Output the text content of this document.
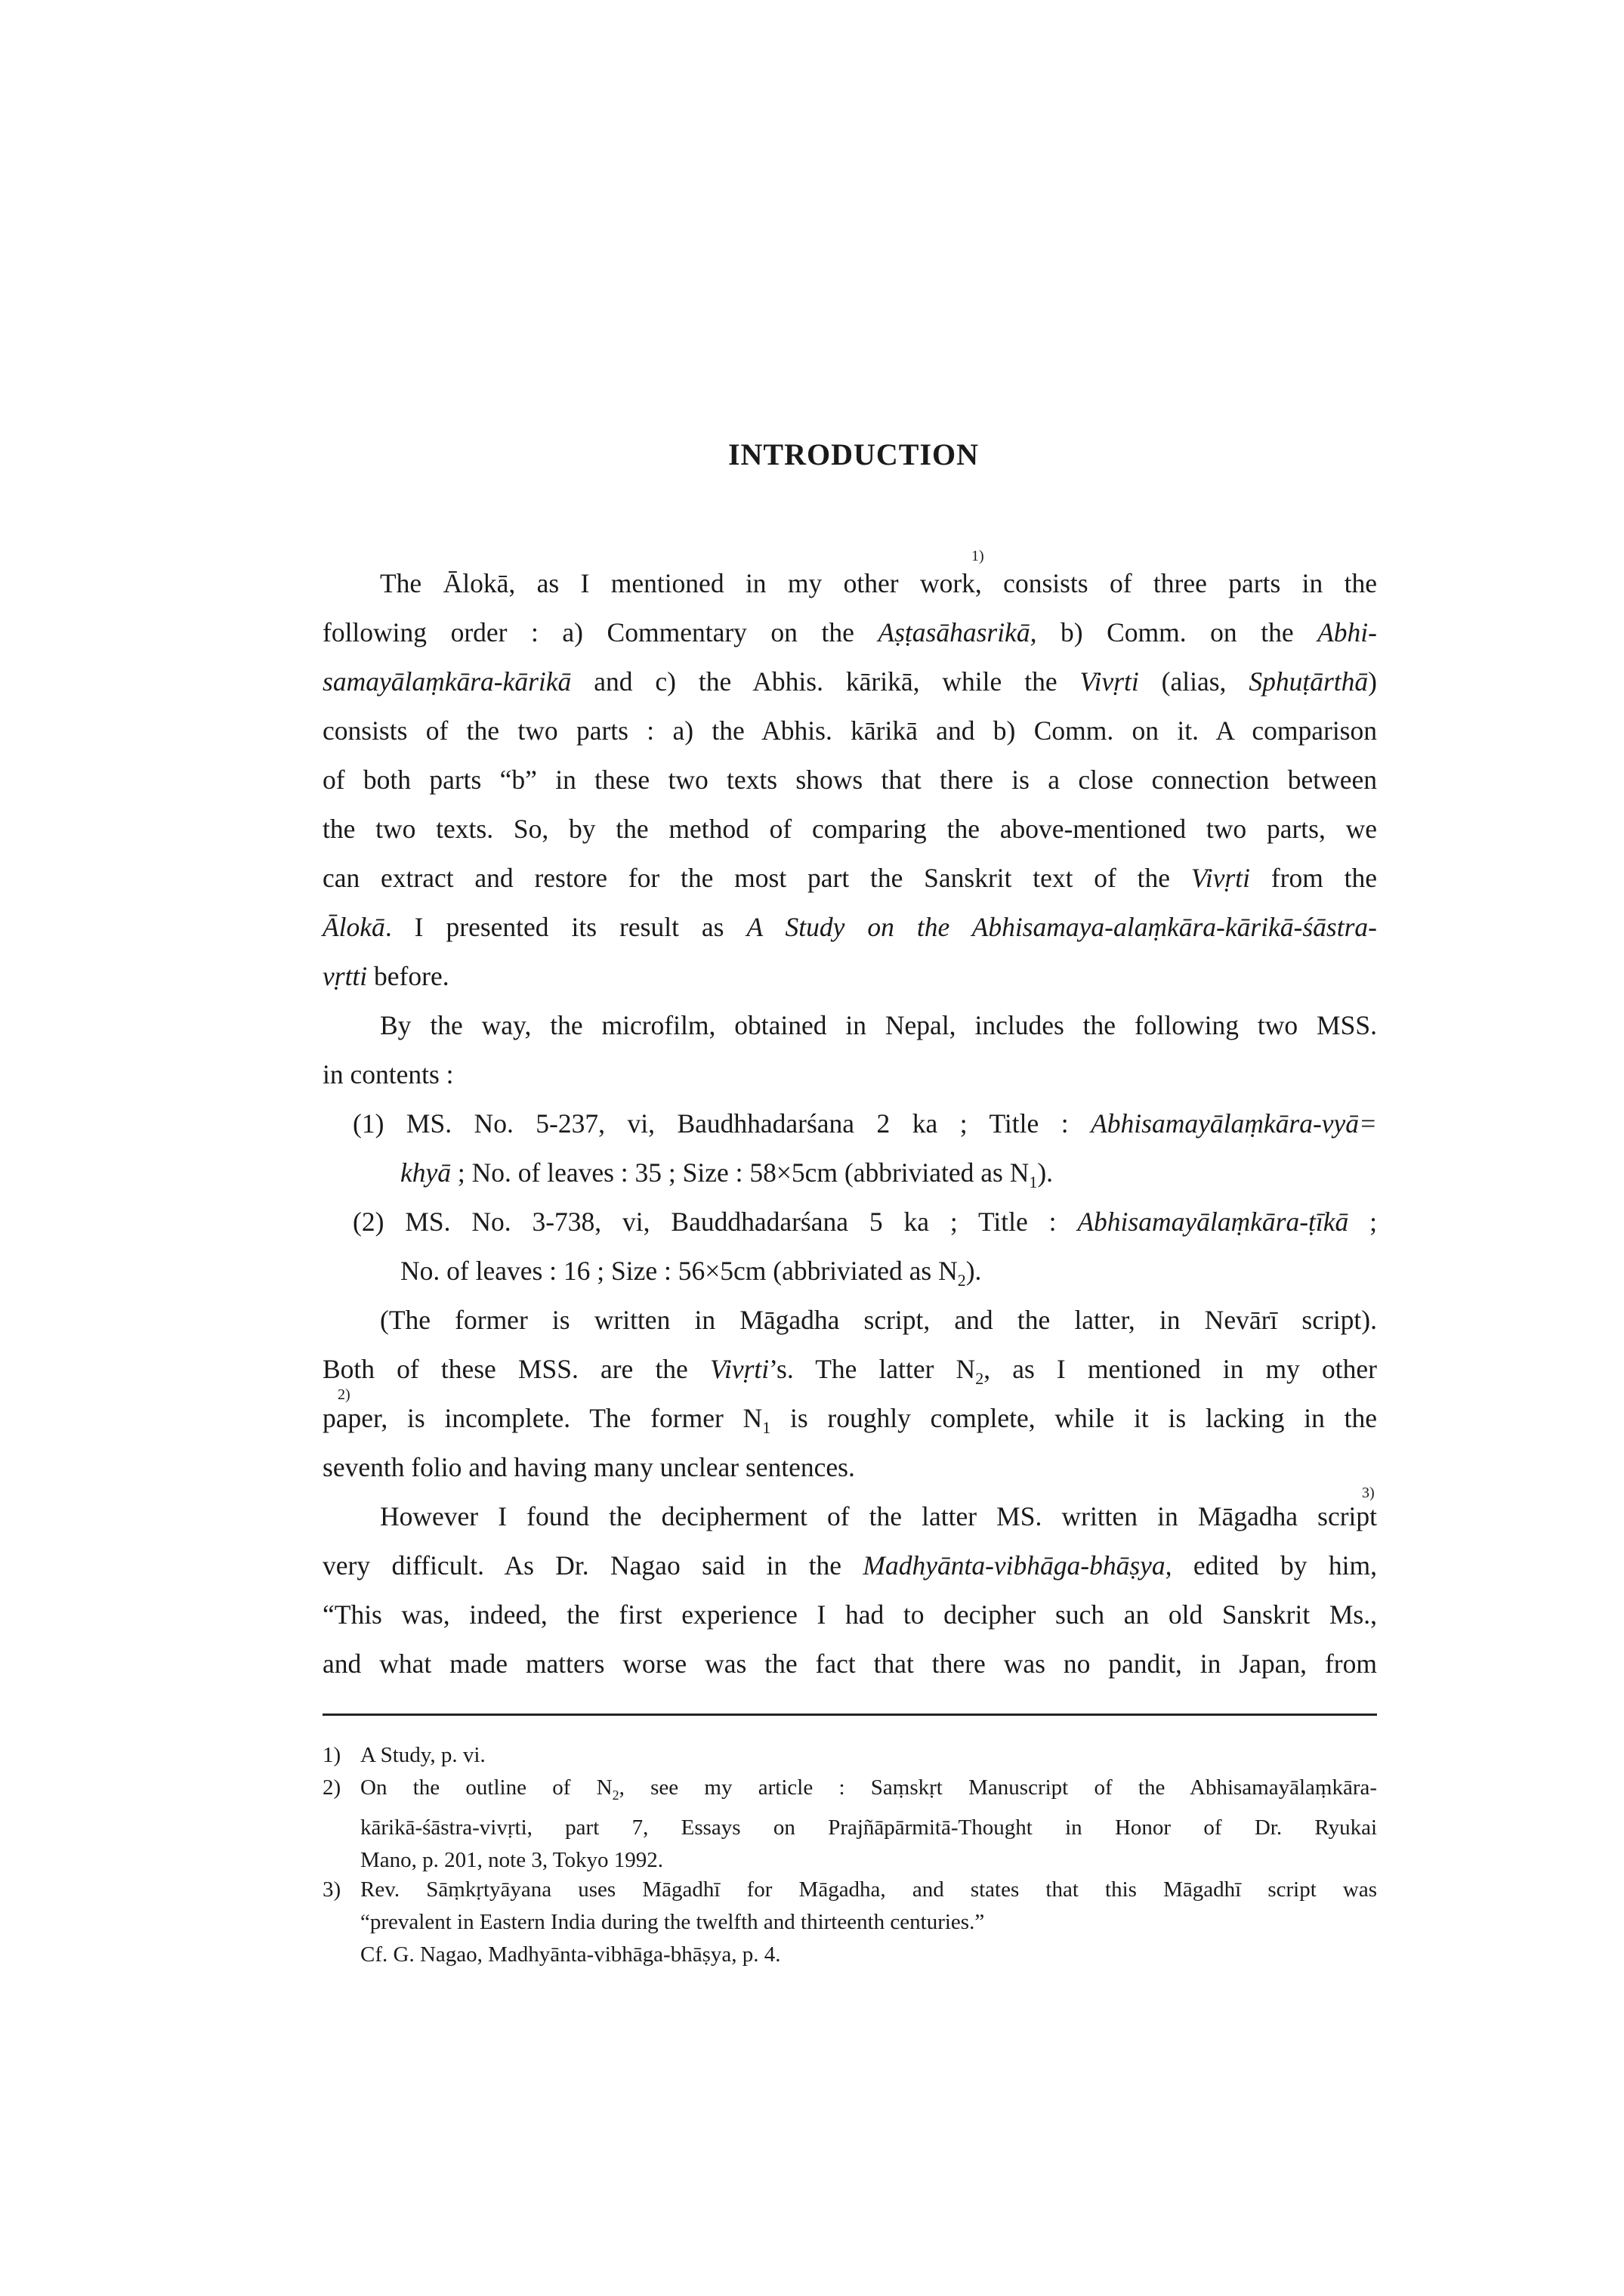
INTRODUCTION
The Ālokā, as I mentioned in my other work, consists of three parts in the
following order : a) Commentary on the Aṣṭasāhasrikā, b) Comm. on the Abhi-
samayālaṃkāra-kārikā and c) the Abhis. kārikā, while the Vivṛti (alias, Sphuṭārthā)
consists of the two parts : a) the Abhis. kārikā and b) Comm. on it. A comparison
of both parts “b” in these two texts shows that there is a close connection between
the two texts. So, by the method of comparing the above-mentioned two parts, we
can extract and restore for the most part the Sanskrit text of the Vivṛti from the
Ālokā. I presented its result as A Study on the Abhisamaya-alaṃkāra-kārikā-śāstra-
vṛtti before.
By the way, the microfilm, obtained in Nepal, includes the following two MSS.
in contents :
(1) MS. No. 5-237, vi, Baudhhadarśana 2 ka ; Title : Abhisamayālaṃkāra-vyā=
khyā ; No. of leaves : 35 ; Size : 58×5cm (abbriviated as $N_1$).
(2) MS. No. 3-738, vi, Bauddhadarśana 5 ka ; Title : Abhisamayālaṃkāra-ṭīkā ;
No. of leaves : 16 ; Size : 56×5cm (abbriviated as $N_2$).
(The former is written in Māgadha script, and the latter, in Nevārī script).
Both of these MSS. are the Vivṛti’s. The latter $N_2$, as I mentioned in my other
paper, is incomplete. The former $N_1$ is roughly complete, while it is lacking in the
seventh folio and having many unclear sentences.
However I found the decipherment of the latter MS. written in Māgadha script
very difficult. As Dr. Nagao said in the Madhyānta-vibhāga-bhāṣya, edited by him,
“This was, indeed, the first experience I had to decipher such an old Sanskrit Ms.,
and what made matters worse was the fact that there was no pandit, in Japan, from
1)
2)
3)
1) A Study, p. vi.
2) On the outline of $N_2$, see my article : Saṃskṛt Manuscript of the Abhisamayālaṃkāra-
kārikā-śāstra-vivṛti, part 7, Essays on Prajñāpārmitā-Thought in Honor of Dr. Ryukai
Mano, p. 201, note 3, Tokyo 1992.
3) Rev. Sāṃkṛtyāyana uses Māgadhī for Māgadha, and states that this Māgadhī script was
“prevalent in Eastern India during the twelfth and thirteenth centuries.”
Cf. G. Nagao, Madhyānta-vibhāga-bhāṣya, p. 4.
